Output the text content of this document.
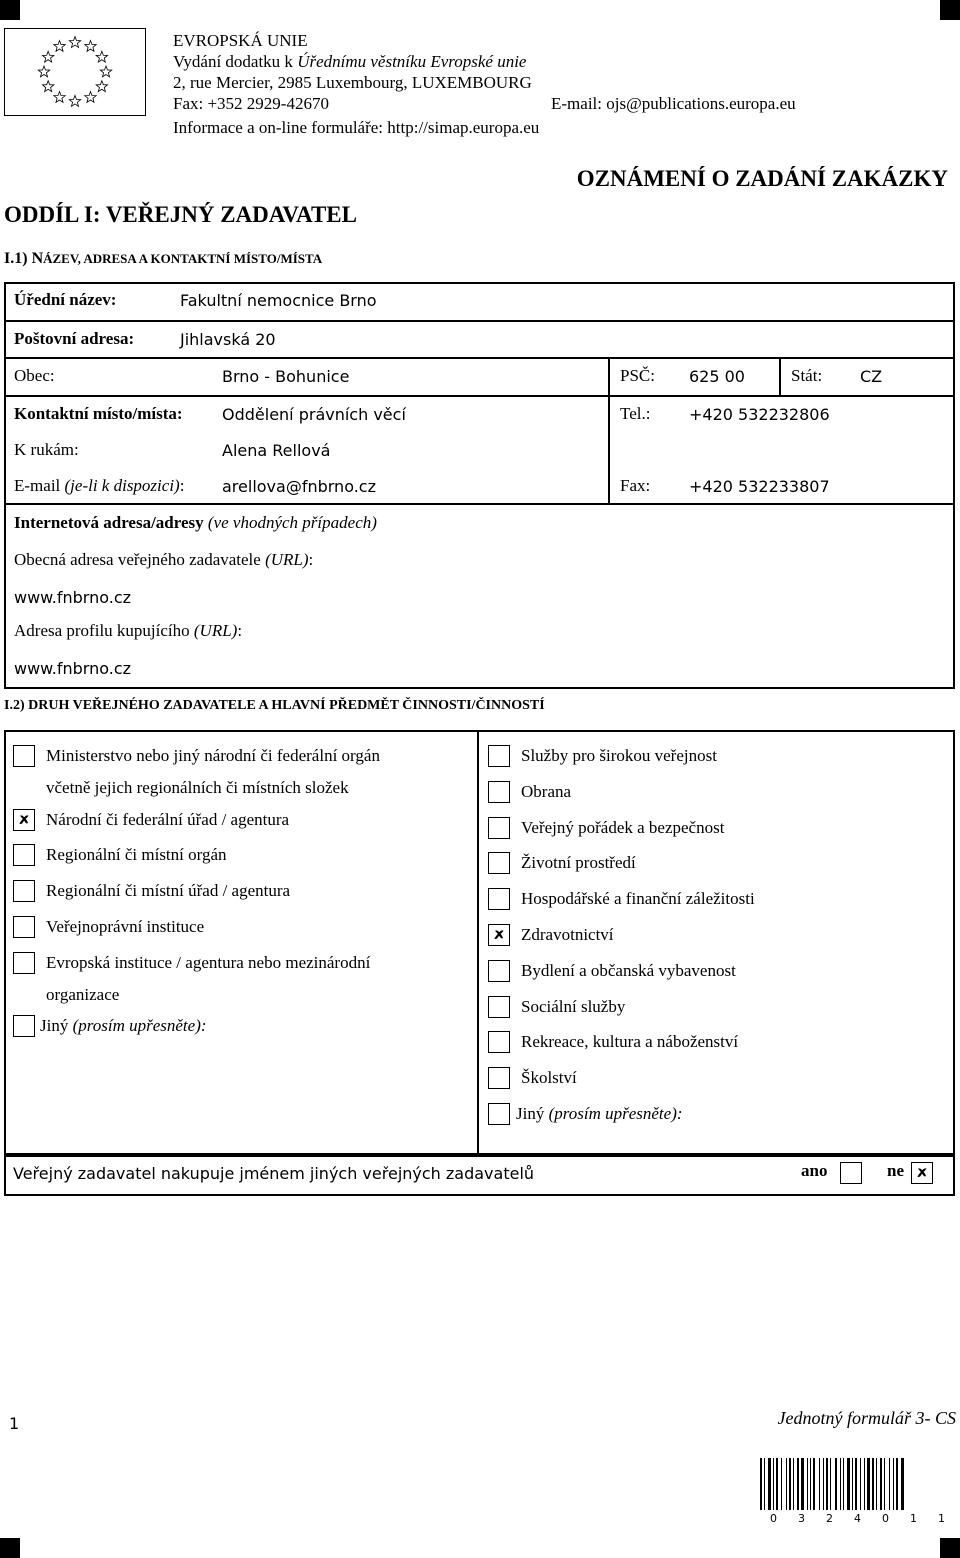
EVROPSKÁ UNIE
Vydání dodatku k Úřednímu věstníku Evropské unie
2, rue Mercier, 2985 Luxembourg, LUXEMBOURG
Fax: +352 2929-42670	E-mail: ojs@publications.europa.eu
Informace a on-line formuláře: http://simap.europa.eu
OZNÁMENÍ O ZADÁNÍ ZAKÁZKY
ODDÍL I: VEŘEJNÝ ZADAVATEL
I.1) NÁZEV, ADRESA A KONTAKTNÍ MÍSTO/MÍSTA
Úřední název:	Fakultní nemocnice Brno
Poštovní adresa:	Jihlavská 20
Obec:	Brno - Bohunice	PSČ: 625 00	Stát: CZ
Kontaktní místo/místa: Oddělení právních věcí	Tel.: +420 532232806
K rukám:	Alena Rellová
E-mail (je-li k dispozici): arellova@fnbrno.cz	Fax: +420 532233807
Internetová adresa/adresy (ve vhodných případech)
Obecná adresa veřejného zadavatele (URL):
www.fnbrno.cz
Adresa profilu kupujícího (URL):
www.fnbrno.cz
I.2) DRUH VEŘEJNÉHO ZADAVATELE A HLAVNÍ PŘEDMĚT ČINNOSTI/ČINNOSTÍ
Ministerstvo nebo jiný národní či federální orgán
včetně jejich regionálních či místních složek
🗶 Národní či federální úřad / agentura
Regionální či místní orgán
Regionální či místní úřad / agentura
Veřejnoprávní instituce
Evropská instituce / agentura nebo mezinárodní
organizace
Služby pro širokou veřejnost
Obrana
Veřejný pořádek a bezpečnost
Životní prostředí
Hospodářské a finanční záležitosti
🗶 Zdravotnictví
Bydlení a občanská vybavenost
Sociální služby
Rekreace, kultura a náboženství
Školství
Jiný (prosím upřesněte):
Jiný (prosím upřesněte):
Veřejný zadavatel nakupuje jménem jiných veřejných zadavatelů	ano	ne 🗶
1	Jednotný formulář 3- CS
0 3 2 4 0 1 1
